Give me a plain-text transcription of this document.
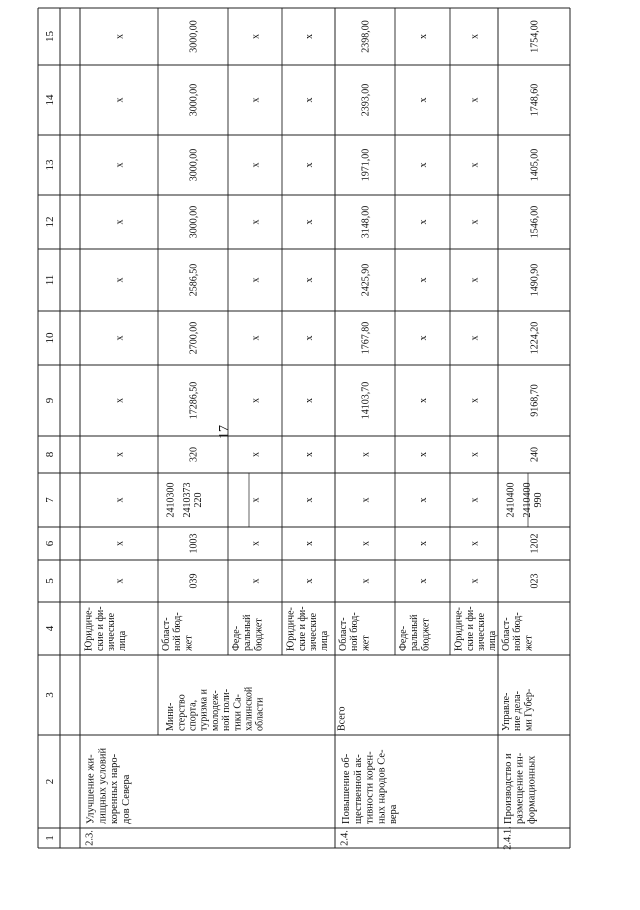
17
1
2
3
4
5
6
7
8
9
10
11
12
13
14
15
2.3.
Улучшение жи- лищных условий коренных наро- дов Севера
Юридиче- ские и фи- зические лица
x
x
x
x
x
x
x
x
x
x
x
Мини- стерство спорта, туризма и молодеж- ной поли- тики Са- халинской области
Област- ной бюд- жет
039
1003
2410300 2410373 220
320
17286,50
2700,00
2586,50
3000,00
3000,00
3000,00
3000,00
Феде- ральный бюджет
x
x
x
x
x
x
x
x
x
x
x
Юридиче- ские и фи- зические лица
x
x
x
x
x
x
x
x
x
x
x
2.4.
Повышение об- щественной ак- тивности корен- ных народов Се- вера
Всего
Област- ной бюд- жет
x
x
x
x
14103,70
1767,80
2425,90
3148,00
1971,00
2393,00
2398,00
Феде- ральный бюджет
x
x
x
x
x
x
x
x
x
x
x
Юридиче- ские и фи- зические лица
x
x
x
x
x
x
x
x
x
x
x
2.4.1.
Производство и размещение ин- формационных
Управле- ние дела- ми Губер-
Област- ной бюд- жет
023
1202
2410400 2410400 990
240
9168,70
1224,20
1490,90
1546,00
1405,00
1748,60
1754,00
